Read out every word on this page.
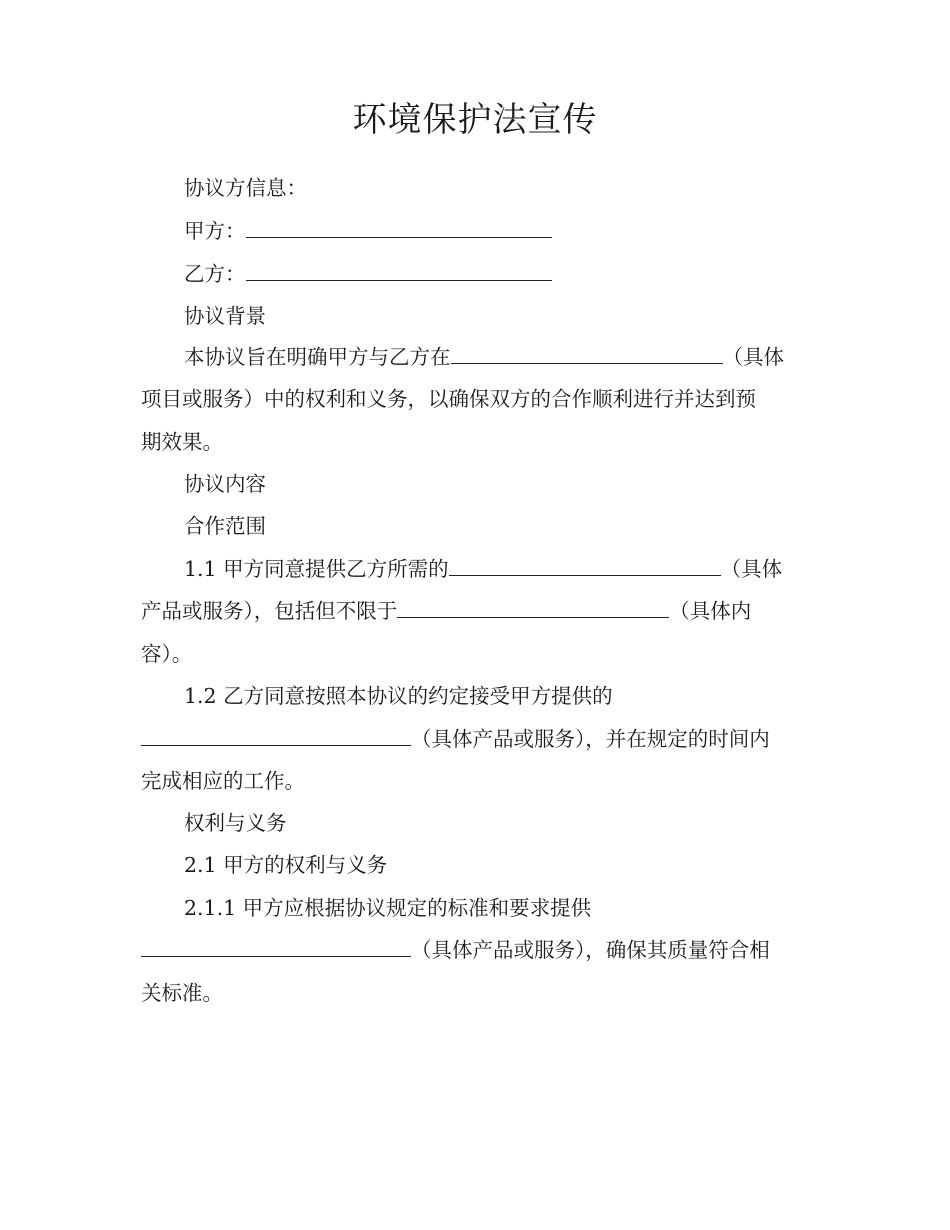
环境保护法宣传
协议方信息：
甲方：
乙方：
协议背景
本协议旨在明确甲方与乙方在	（具体
项目或服务）中的权利和义务，以确保双方的合作顺利进行并达到预
期效果。
协议内容
合作范围
1.1 甲方同意提供乙方所需的	（具体
产品或服务），包括但不限于	（具体内
容）。
1.2 乙方同意按照本协议的约定接受甲方提供的
（具体产品或服务），并在规定的时间内
完成相应的工作。
权利与义务
2.1 甲方的权利与义务
2.1.1 甲方应根据协议规定的标准和要求提供
（具体产品或服务），确保其质量符合相
关标准。
